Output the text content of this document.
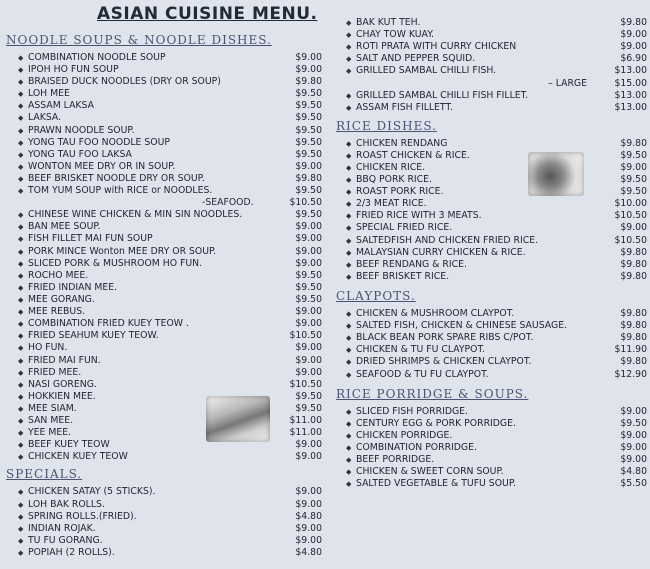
ASIAN CUISINE MENU.
NOODLE SOUPS & NOODLE DISHES.
◆ COMBINATION NOODLE SOUP	$9.00
◆ IPOH HO FUN SOUP	$9.00
◆ BRAISED DUCK NOODLES (DRY OR SOUP)	$9.80
◆ LOH MEE	$9.50
◆ ASSAM LAKSA	$9.50
◆ LAKSA.	$9.50
◆ PRAWN NOODLE SOUP.	$9.50
◆ YONG TAU FOO NOODLE SOUP	$9.50
◆ YONG TAU FOO LAKSA	$9.50
◆ WONTON MEE DRY OR IN SOUP.	$9.00
◆ BEEF BRISKET NOODLE DRY OR SOUP.	$9.80
◆ TOM YUM SOUP with RICE or NOODLES.	$9.50
-SEAFOOD.	$10.50
◆ CHINESE WINE CHICKEN & MIN SIN NOODLES.	$9.50
◆ BAN MEE SOUP.	$9.00
◆ FISH FILLET MAI FUN SOUP	$9.00
◆ PORK MINCE Wonton MEE DRY OR SOUP.	$9.00
◆ SLICED PORK & MUSHROOM HO FUN.	$9.00
◆ ROCHO MEE.	$9.50
◆ FRIED INDIAN MEE.	$9.50
◆ MEE GORANG.	$9.50
◆ MEE REBUS.	$9.00
◆ COMBINATION FRIED KUEY TEOW .	$9.00
◆ FRIED SEAHUM KUEY TEOW.	$10.50
◆ HO FUN.	$9.00
◆ FRIED MAI FUN.	$9.00
◆ FRIED MEE.	$9.00
◆ NASI GORENG.	$10.50
◆ HOKKIEN MEE.	$9.50
◆ MEE SIAM.	$9.50
◆ SAN MEE.	$11.00
◆ YEE MEE.	$11.00
◆ BEEF KUEY TEOW	$9.00
◆ CHICKEN KUEY TEOW	$9.00
SPECIALS.
◆ CHICKEN SATAY (5 STICKS).	$9.00
◆ LOH BAK ROLLS.	$9.00
◆ SPRING ROLLS.(FRIED).	$4.80
◆ INDIAN ROJAK.	$9.00
◆ TU FU GORANG.	$9.00
◆ POPIAH (2 ROLLS).	$4.80
◆ BAK KUT TEH.	$9.80
◆ CHAY TOW KUAY.	$9.00
◆ ROTI PRATA WITH CURRY CHICKEN	$9.00
◆ SALT AND PEPPER SQUID.	$6.90
◆ GRILLED SAMBAL CHILLI FISH.	$13.00
– LARGE	$15.00
◆ GRILLED SAMBAL CHILLI FISH FILLET.	$13.00
◆ ASSAM FISH FILLETT.	$13.00
RICE DISHES.
◆ CHICKEN RENDANG	$9.80
◆ ROAST CHICKEN & RICE.	$9.50
◆ CHICKEN RICE.	$9.00
◆ BBQ PORK RICE.	$9.50
◆ ROAST PORK RICE.	$9.50
◆ 2/3 MEAT RICE.	$10.00
◆ FRIED RICE WITH 3 MEATS.	$10.50
◆ SPECIAL FRIED RICE.	$9.00
◆ SALTEDFISH AND CHICKEN FRIED RICE.	$10.50
◆ MALAYSIAN CURRY CHICKEN & RICE.	$9.80
◆ BEEF RENDANG & RICE.	$9.80
◆ BEEF BRISKET RICE.	$9.80
CLAYPOTS.
◆ CHICKEN & MUSHROOM CLAYPOT.	$9.80
◆ SALTED FISH, CHICKEN & CHINESE SAUSAGE.	$9.80
◆ BLACK BEAN PORK SPARE RIBS C/POT.	$9.80
◆ CHICKEN & TU FU CLAYPOT.	$11.90
◆ DRIED SHRIMPS & CHICKEN CLAYPOT.	$9.80
◆ SEAFOOD & TU FU CLAYPOT.	$12.90
RICE PORRIDGE & SOUPS.
◆ SLICED FISH PORRIDGE.	$9.00
◆ CENTURY EGG & PORK PORRIDGE.	$9.50
◆ CHICKEN PORRIDGE.	$9.00
◆ COMBINATION PORRIDGE.	$9.00
◆ BEEF PORRIDGE.	$9.00
◆ CHICKEN & SWEET CORN SOUP.	$4.80
◆ SALTED VEGETABLE & TUFU SOUP.	$5.50
